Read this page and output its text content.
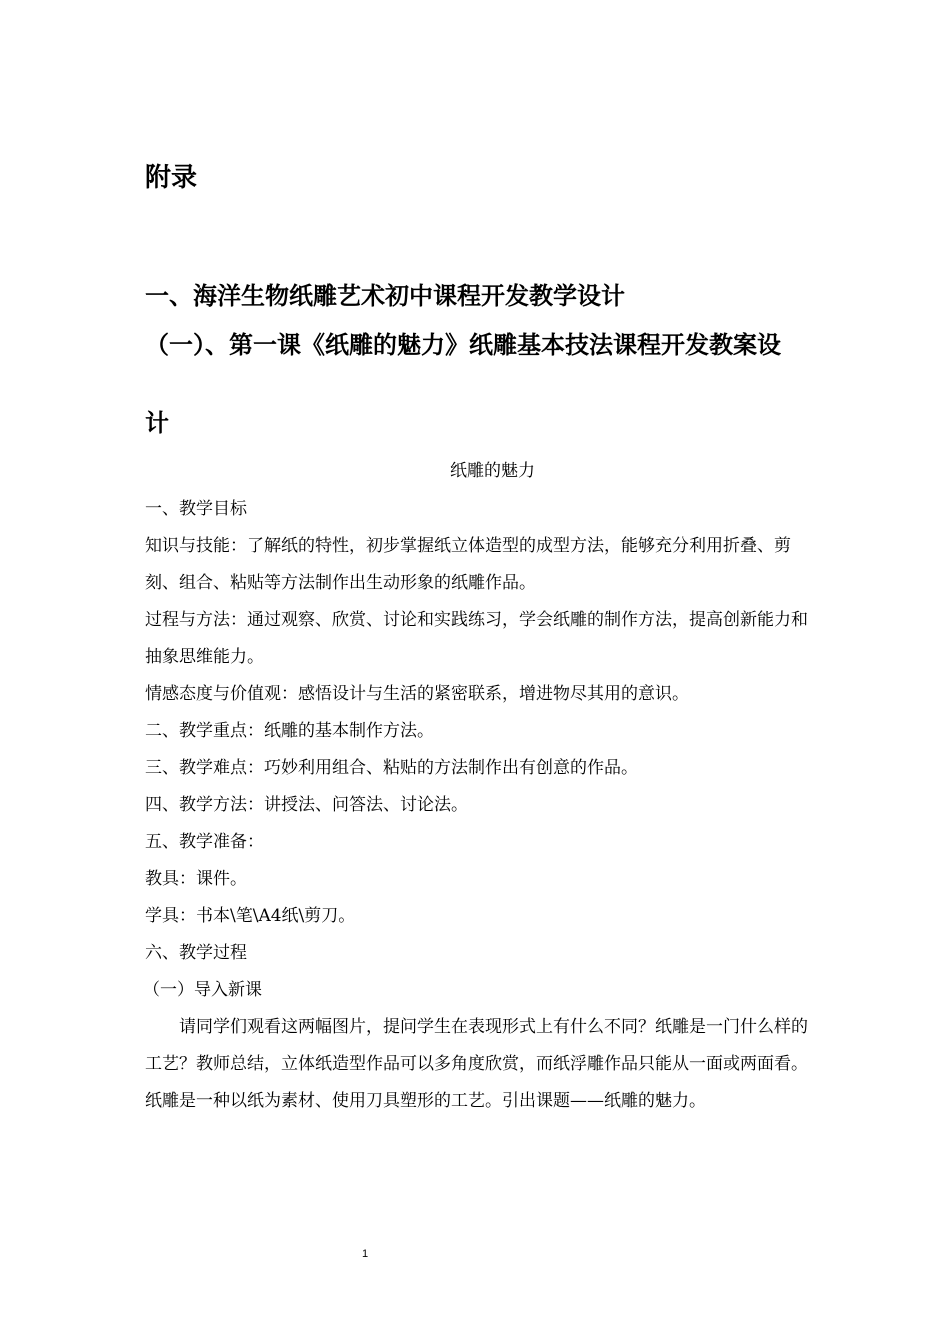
附录
一、海洋生物纸雕艺术初中课程开发教学设计
（一）、第一课《纸雕的魅力》纸雕基本技法课程开发教案设
计
纸雕的魅力

一、教学目标

知识与技能：了解纸的特性，初步掌握纸立体造型的成型方法，能够充分利用折叠、剪刻、组合、粘贴等方法制作出生动形象的纸雕作品。

过程与方法：通过观察、欣赏、讨论和实践练习，学会纸雕的制作方法，提高创新能力和抽象思维能力。

情感态度与价值观：感悟设计与生活的紧密联系，增进物尽其用的意识。

二、教学重点：纸雕的基本制作方法。

三、教学难点：巧妙利用组合、粘贴的方法制作出有创意的作品。

四、教学方法：讲授法、问答法、讨论法。

五、教学准备：

教具：课件。

学具：书本\笔\A4纸\剪刀。

六、教学过程

（一）导入新课

请同学们观看这两幅图片，提问学生在表现形式上有什么不同？纸雕是一门什么样的工艺？教师总结，立体纸造型作品可以多角度欣赏，而纸浮雕作品只能从一面或两面看。纸雕是一种以纸为素材、使用刀具塑形的工艺。引出课题——纸雕的魅力。

1
